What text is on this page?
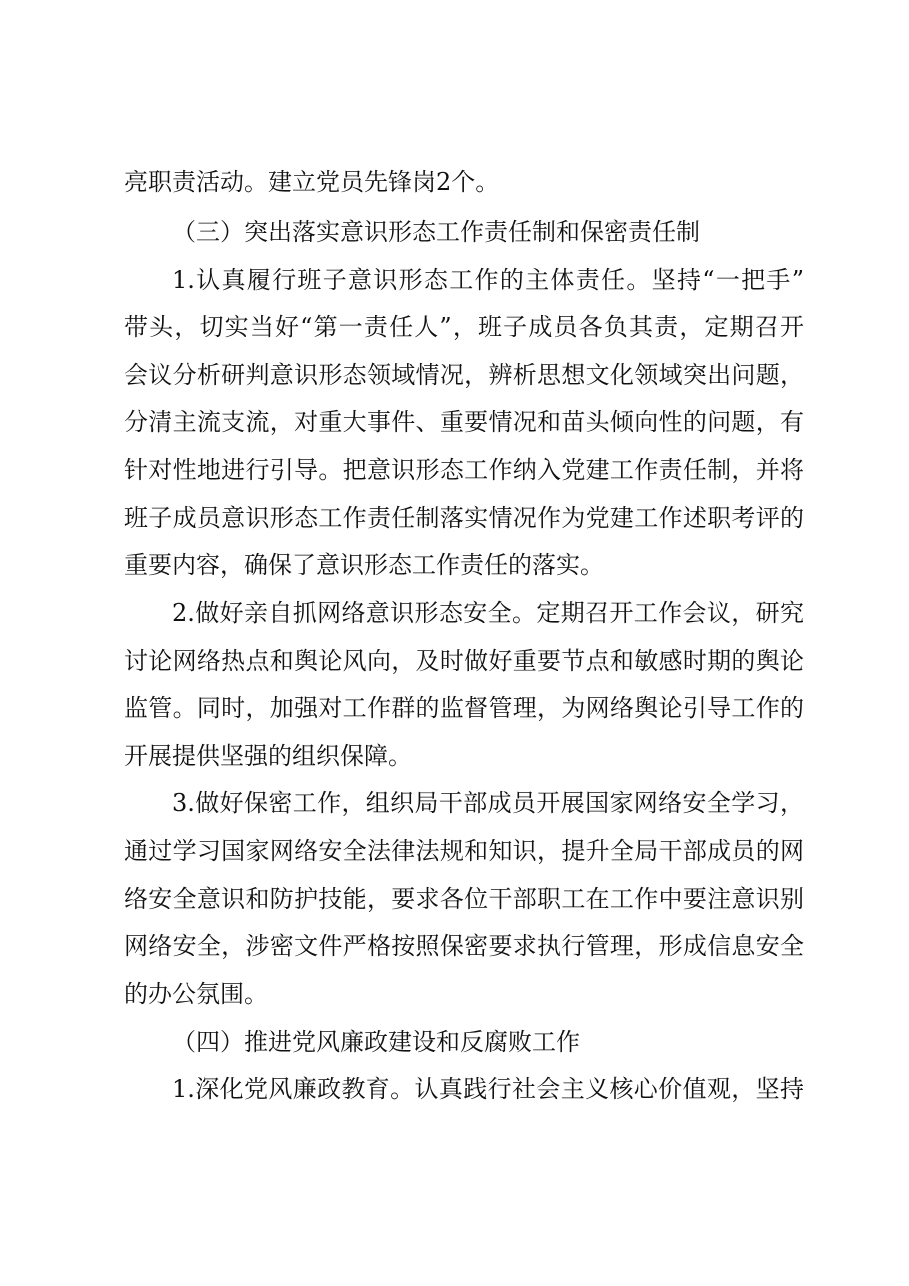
亮职责活动。建立党员先锋岗2个。
（三）突出落实意识形态工作责任制和保密责任制
1.认真履行班子意识形态工作的主体责任。坚持“一把手”
带头，切实当好“第一责任人”，班子成员各负其责，定期召开
会议分析研判意识形态领域情况，辨析思想文化领域突出问题，
分清主流支流，对重大事件、重要情况和苗头倾向性的问题，有
针对性地进行引导。把意识形态工作纳入党建工作责任制，并将
班子成员意识形态工作责任制落实情况作为党建工作述职考评的
重要内容，确保了意识形态工作责任的落实。
2.做好亲自抓网络意识形态安全。定期召开工作会议，研究
讨论网络热点和舆论风向，及时做好重要节点和敏感时期的舆论
监管。同时，加强对工作群的监督管理，为网络舆论引导工作的
开展提供坚强的组织保障。
3.做好保密工作，组织局干部成员开展国家网络安全学习，
通过学习国家网络安全法律法规和知识，提升全局干部成员的网
络安全意识和防护技能，要求各位干部职工在工作中要注意识别
网络安全，涉密文件严格按照保密要求执行管理，形成信息安全
的办公氛围。
（四）推进党风廉政建设和反腐败工作
1.深化党风廉政教育。认真践行社会主义核心价值观，坚持
